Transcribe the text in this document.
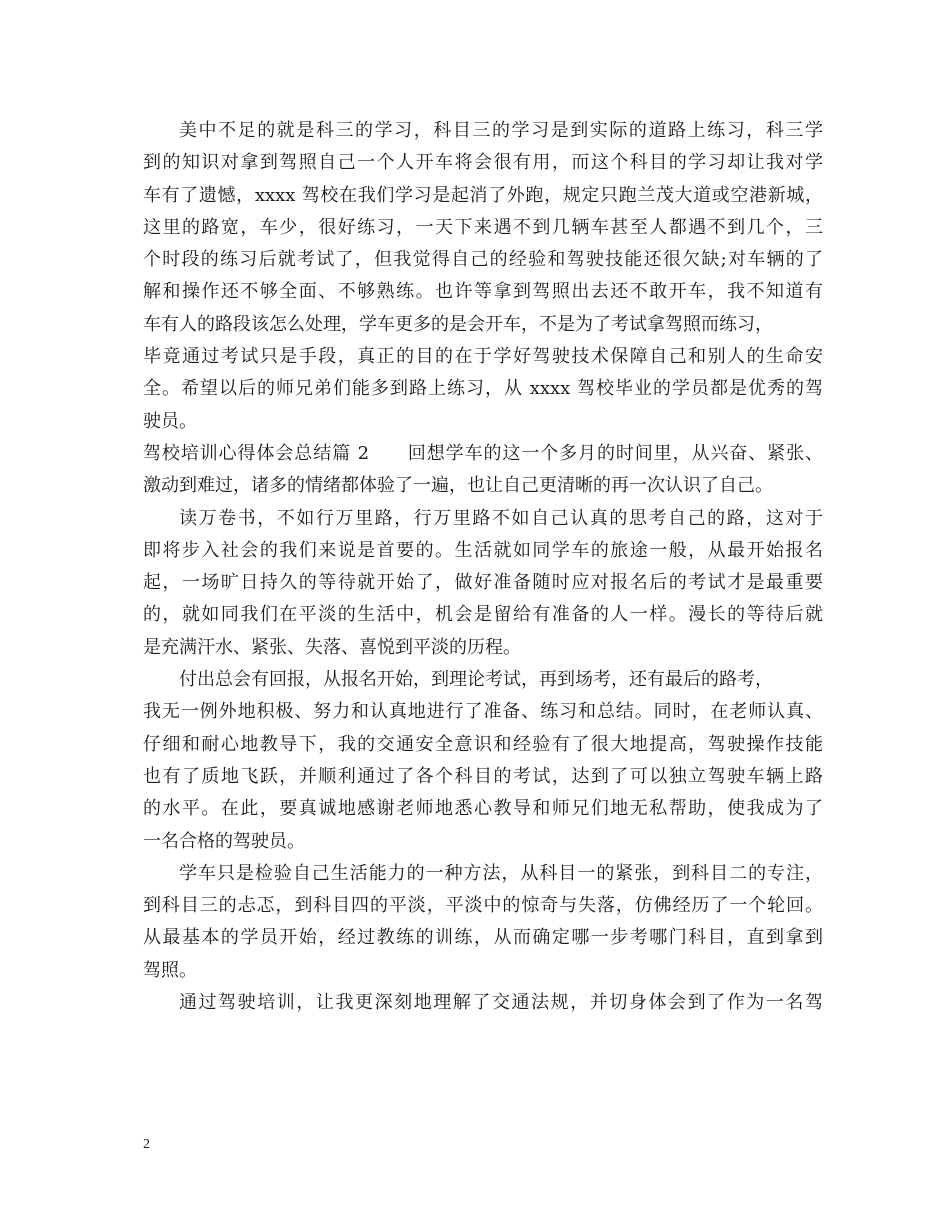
美中不足的就是科三的学习，科目三的学习是到实际的道路上练习，科三学
到的知识对拿到驾照自己一个人开车将会很有用，而这个科目的学习却让我对学
车有了遗憾，xxxx 驾校在我们学习是起消了外跑，规定只跑兰茂大道或空港新城，
这里的路宽，车少，很好练习，一天下来遇不到几辆车甚至人都遇不到几个，三
个时段的练习后就考试了，但我觉得自己的经验和驾驶技能还很欠缺;对车辆的了
解和操作还不够全面、不够熟练。也许等拿到驾照出去还不敢开车，我不知道有
车有人的路段该怎么处理，学车更多的是会开车，不是为了考试拿驾照而练习，
毕竟通过考试只是手段，真正的目的在于学好驾驶技术保障自己和别人的生命安
全。希望以后的师兄弟们能多到路上练习，从 xxxx 驾校毕业的学员都是优秀的驾
驶员。
驾校培训心得体会总结篇 2　　回想学车的这一个多月的时间里，从兴奋、紧张、
激动到难过，诸多的情绪都体验了一遍，也让自己更清晰的再一次认识了自己。
读万卷书，不如行万里路，行万里路不如自己认真的思考自己的路，这对于
即将步入社会的我们来说是首要的。生活就如同学车的旅途一般，从最开始报名
起，一场旷日持久的等待就开始了，做好准备随时应对报名后的考试才是最重要
的，就如同我们在平淡的生活中，机会是留给有准备的人一样。漫长的等待后就
是充满汗水、紧张、失落、喜悦到平淡的历程。
付出总会有回报，从报名开始，到理论考试，再到场考，还有最后的路考，
我无一例外地积极、努力和认真地进行了准备、练习和总结。同时，在老师认真、
仔细和耐心地教导下，我的交通安全意识和经验有了很大地提高，驾驶操作技能
也有了质地飞跃，并顺利通过了各个科目的考试，达到了可以独立驾驶车辆上路
的水平。在此，要真诚地感谢老师地悉心教导和师兄们地无私帮助，使我成为了
一名合格的驾驶员。
学车只是检验自己生活能力的一种方法，从科目一的紧张，到科目二的专注，
到科目三的忐忑，到科目四的平淡，平淡中的惊奇与失落，仿佛经历了一个轮回。
从最基本的学员开始，经过教练的训练，从而确定哪一步考哪门科目，直到拿到
驾照。
通过驾驶培训，让我更深刻地理解了交通法规，并切身体会到了作为一名驾
2
